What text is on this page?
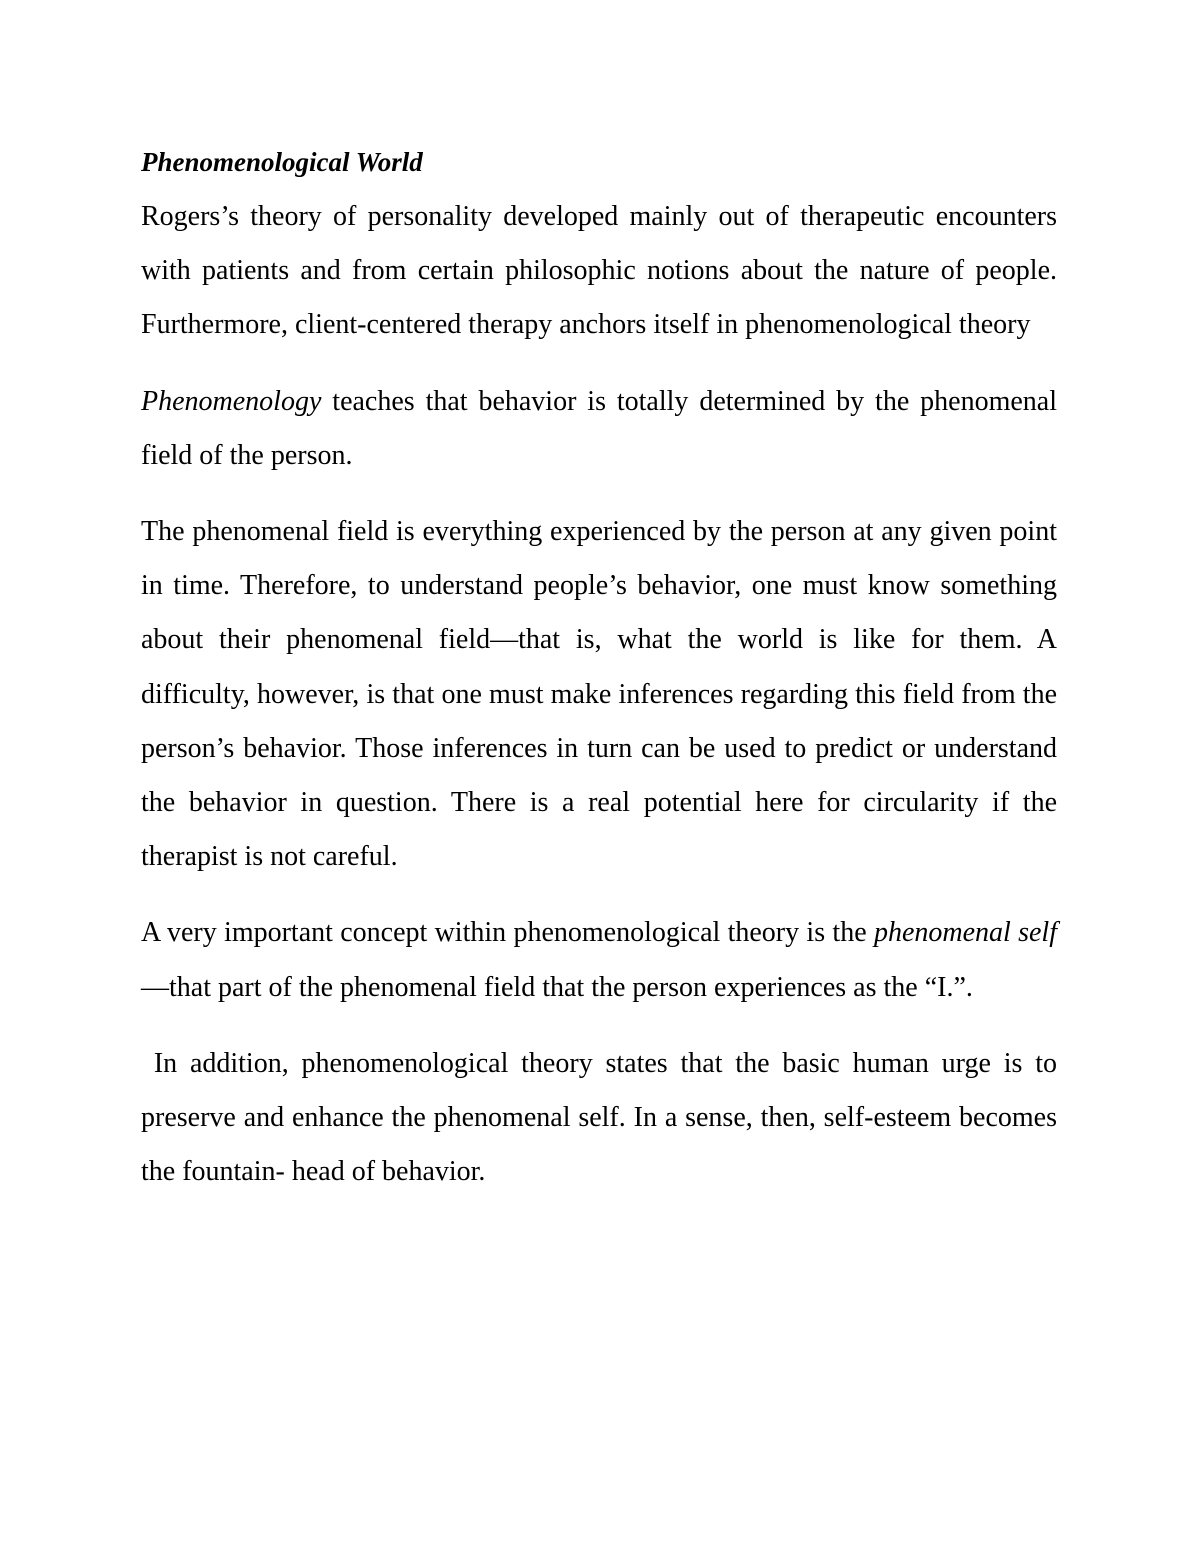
Phenomenological World

Rogers’s theory of personality developed mainly out of therapeutic encounters with patients and from certain philosophic notions about the nature of people. Furthermore, client-centered therapy anchors itself in phenomenological theory

Phenomenology teaches that behavior is totally determined by the phenomenal field of the person.

The phenomenal field is everything experienced by the person at any given point in time. Therefore, to understand people’s behavior, one must know something about their phenomenal field—that is, what the world is like for them. A difficulty, however, is that one must make inferences regarding this field from the person’s behavior. Those inferences in turn can be used to predict or understand the behavior in question. There is a real potential here for circularity if the therapist is not careful.

A very important concept within phenomenological theory is the phenomenal self—that part of the phenomenal field that the person experiences as the “I.”.

In addition, phenomenological theory states that the basic human urge is to preserve and enhance the phenomenal self. In a sense, then, self-esteem becomes the fountain- head of behavior.
